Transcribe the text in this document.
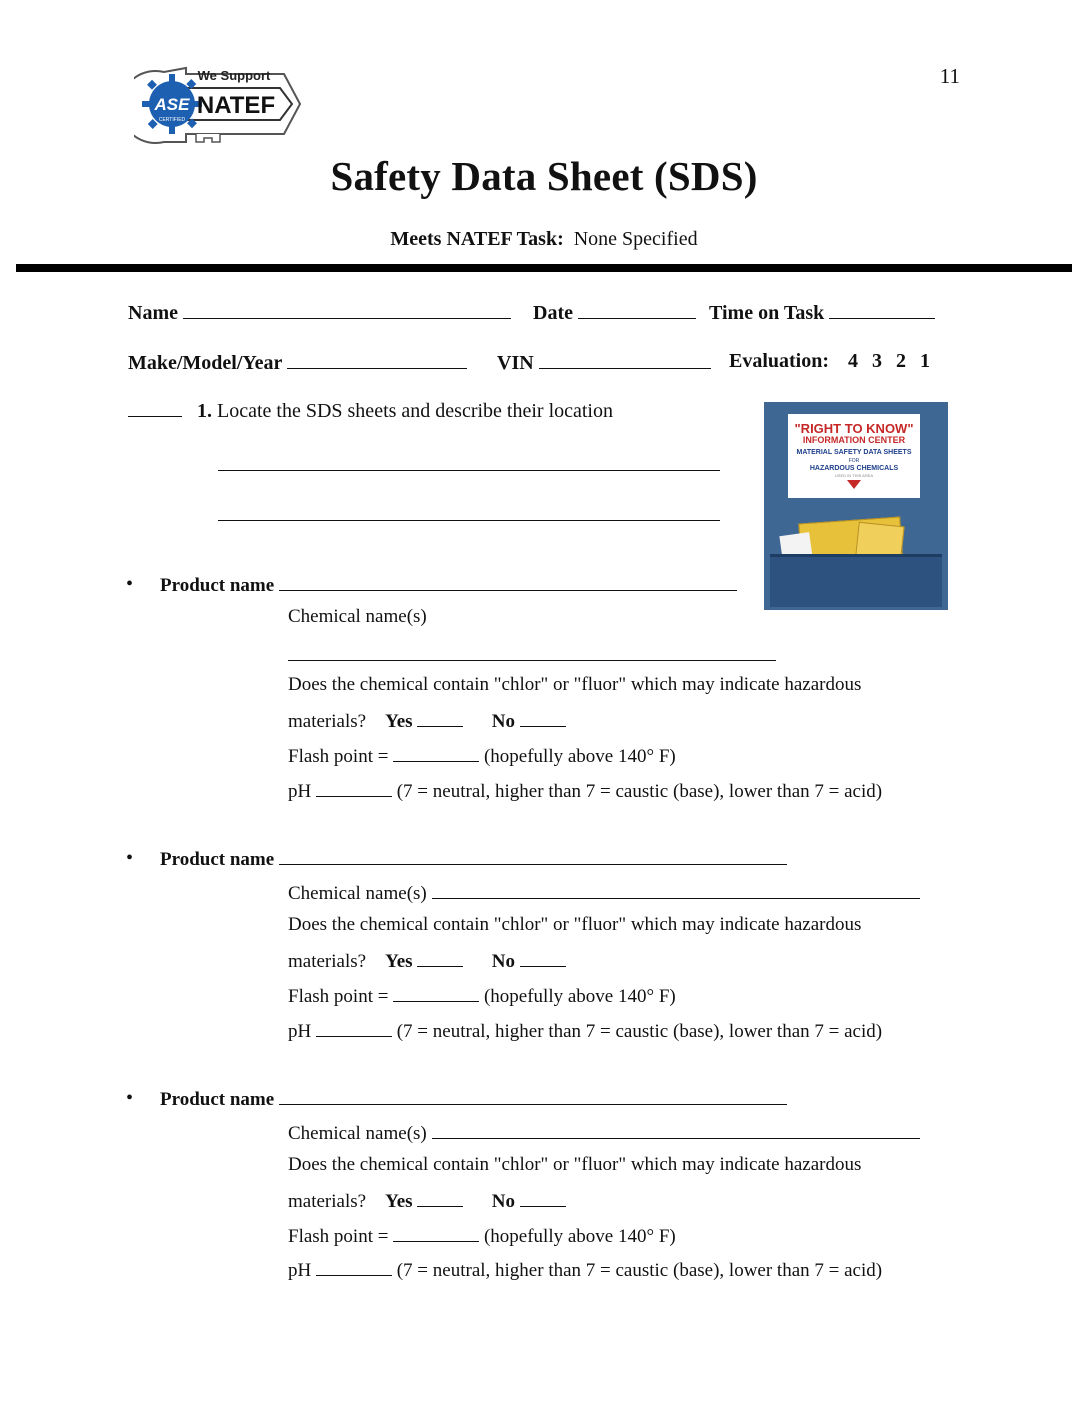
11
ASE
CERTIFIED
We Support
NATEF
Safety Data Sheet (SDS)
Meets NATEF Task: None Specified
Name	Date	Time on Task
Make/Model/Year	VIN	Evaluation: 4 3 2 1
1. Locate the SDS sheets and describe their location
"RIGHT TO KNOW"
INFORMATION CENTER
MATERIAL SAFETY DATA SHEETS
FOR
HAZARDOUS CHEMICALS
USED IN THIS AREA
• Product name
Chemical name(s)
Does the chemical contain "chlor" or "fluor" which may indicate hazardous
materials? Yes	No
Flash point =	(hopefully above 140° F)
pH	(7 = neutral, higher than 7 = caustic (base), lower than 7 = acid)
• Product name
Chemical name(s)
Does the chemical contain "chlor" or "fluor" which may indicate hazardous
materials? Yes	No
Flash point =	(hopefully above 140° F)
pH	(7 = neutral, higher than 7 = caustic (base), lower than 7 = acid)
• Product name
Chemical name(s)
Does the chemical contain "chlor" or "fluor" which may indicate hazardous
materials? Yes	No
Flash point =	(hopefully above 140° F)
pH	(7 = neutral, higher than 7 = caustic (base), lower than 7 = acid)
